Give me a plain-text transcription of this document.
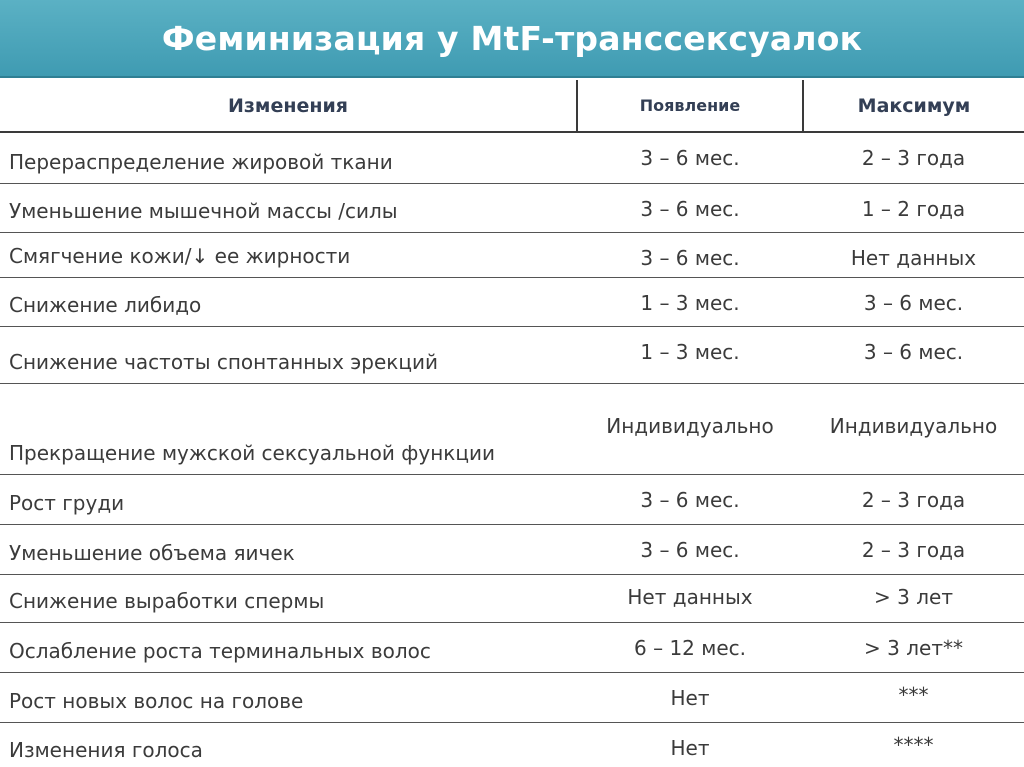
Феминизация у MtF-транссексуалок
Изменения	Появление	Максимум
Перераспределение жировой ткани	3 – 6 мес.	2 – 3 года
Уменьшение мышечной массы /силы	3 – 6 мес.	1 – 2 года
Смягчение кожи/↓ ее жирности	3 – 6 мес.	Нет данных
Снижение либидо	1 – 3 мес.	3 – 6 мес.
Снижение частоты спонтанных эрекций	1 – 3 мес.	3 – 6 мес.
Прекращение мужской сексуальной функции	Индивидуально	Индивидуально
Рост груди	3 – 6 мес.	2 – 3 года
Уменьшение объема яичек	3 – 6 мес.	2 – 3 года
Снижение выработки спермы	Нет данных	> 3 лет
Ослабление роста терминальных волос	6 – 12 мес.	> 3 лет**
Рост новых волос на голове	Нет	***
Изменения голоса	Нет	****
